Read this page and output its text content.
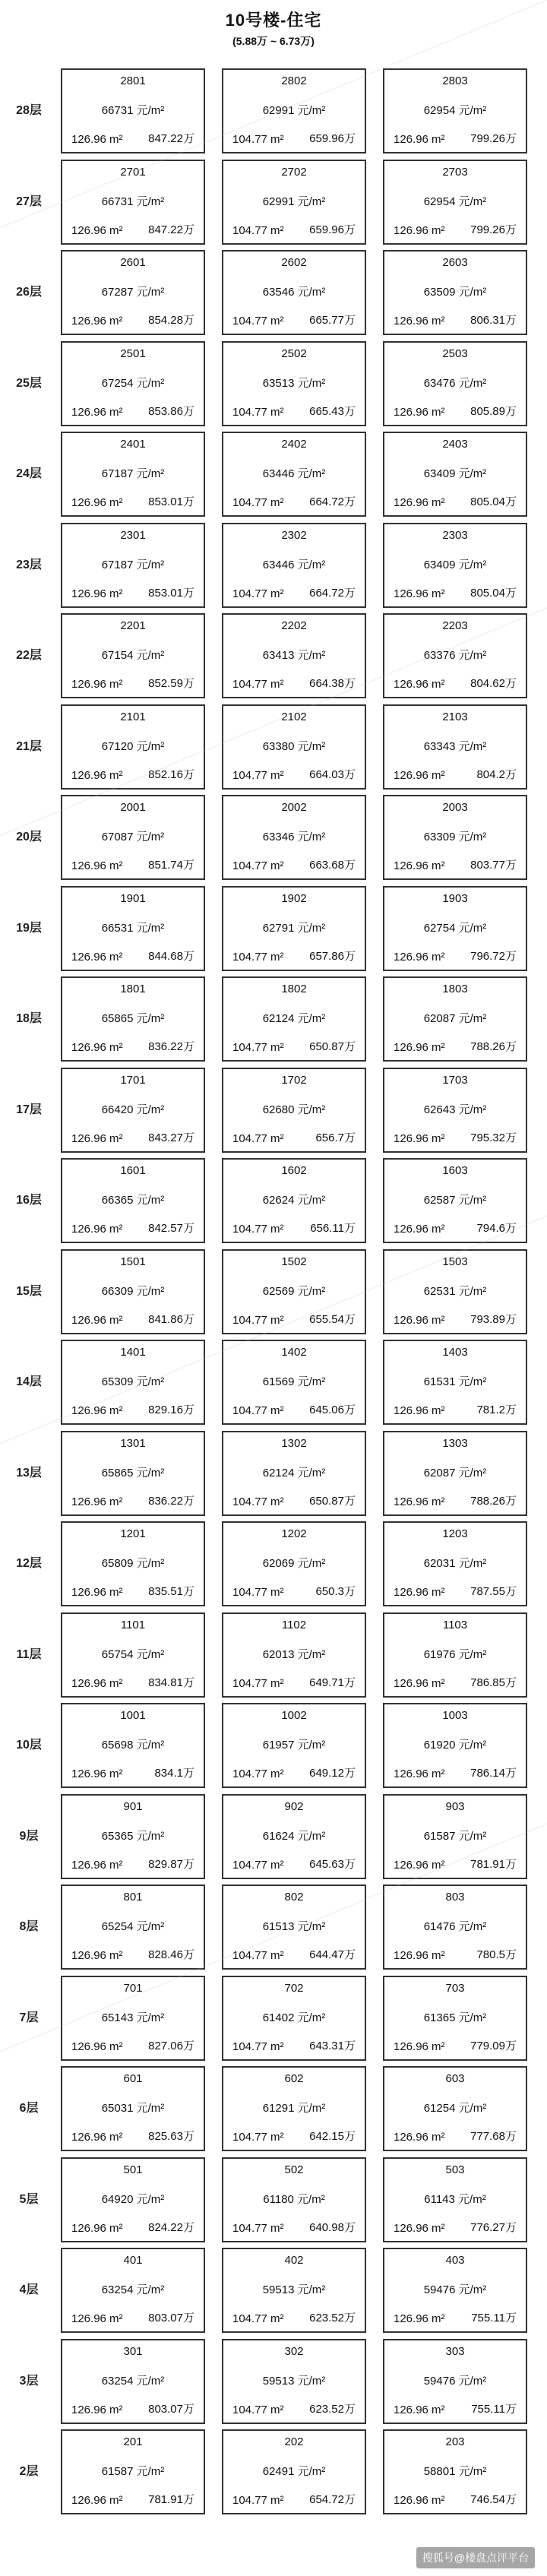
10号楼-住宅
(5.88万 ~ 6.73万)
28层
2801
66731 元/m²
126.96 m² 847.22万
2802
62991 元/m²
104.77 m² 659.96万
2803
62954 元/m²
126.96 m² 799.26万
27层
2701
66731 元/m²
126.96 m² 847.22万
2702
62991 元/m²
104.77 m² 659.96万
2703
62954 元/m²
126.96 m² 799.26万
26层
2601
67287 元/m²
126.96 m² 854.28万
2602
63546 元/m²
104.77 m² 665.77万
2603
63509 元/m²
126.96 m² 806.31万
25层
2501
67254 元/m²
126.96 m² 853.86万
2502
63513 元/m²
104.77 m² 665.43万
2503
63476 元/m²
126.96 m² 805.89万
24层
2401
67187 元/m²
126.96 m² 853.01万
2402
63446 元/m²
104.77 m² 664.72万
2403
63409 元/m²
126.96 m² 805.04万
23层
2301
67187 元/m²
126.96 m² 853.01万
2302
63446 元/m²
104.77 m² 664.72万
2303
63409 元/m²
126.96 m² 805.04万
22层
2201
67154 元/m²
126.96 m² 852.59万
2202
63413 元/m²
104.77 m² 664.38万
2203
63376 元/m²
126.96 m² 804.62万
21层
2101
67120 元/m²
126.96 m² 852.16万
2102
63380 元/m²
104.77 m² 664.03万
2103
63343 元/m²
126.96 m²	804.2万
20层
2001
67087 元/m²
126.96 m² 851.74万
2002
63346 元/m²
104.77 m² 663.68万
2003
63309 元/m²
126.96 m² 803.77万
19层
1901
66531 元/m²
126.96 m² 844.68万
1902
62791 元/m²
104.77 m² 657.86万
1903
62754 元/m²
126.96 m² 796.72万
18层
1801
65865 元/m²
126.96 m² 836.22万
1802
62124 元/m²
104.77 m² 650.87万
1803
62087 元/m²
126.96 m² 788.26万
17层
1701
66420 元/m²
126.96 m² 843.27万
1702
62680 元/m²
104.77 m²	656.7万
1703
62643 元/m²
126.96 m² 795.32万
16层
1601
66365 元/m²
126.96 m² 842.57万
1602
62624 元/m²
104.77 m² 656.11万
1603
62587 元/m²
126.96 m²	794.6万
15层
1501
66309 元/m²
126.96 m² 841.86万
1502
62569 元/m²
104.77 m² 655.54万
1503
62531 元/m²
126.96 m² 793.89万
14层
1401
65309 元/m²
126.96 m² 829.16万
1402
61569 元/m²
104.77 m² 645.06万
1403
61531 元/m²
126.96 m²	781.2万
13层
1301
65865 元/m²
126.96 m² 836.22万
1302
62124 元/m²
104.77 m² 650.87万
1303
62087 元/m²
126.96 m² 788.26万
12层
1201
65809 元/m²
126.96 m² 835.51万
1202
62069 元/m²
104.77 m²	650.3万
1203
62031 元/m²
126.96 m² 787.55万
11层
1101
65754 元/m²
126.96 m² 834.81万
1102
62013 元/m²
104.77 m² 649.71万
1103
61976 元/m²
126.96 m² 786.85万
10层
1001
65698 元/m²
126.96 m²	834.1万
1002
61957 元/m²
104.77 m² 649.12万
1003
61920 元/m²
126.96 m² 786.14万
9层
901
65365 元/m²
126.96 m² 829.87万
902
61624 元/m²
104.77 m² 645.63万
903
61587 元/m²
126.96 m² 781.91万
8层
801
65254 元/m²
126.96 m² 828.46万
802
61513 元/m²
104.77 m² 644.47万
803
61476 元/m²
126.96 m²	780.5万
7层
701
65143 元/m²
126.96 m² 827.06万
702
61402 元/m²
104.77 m² 643.31万
703
61365 元/m²
126.96 m² 779.09万
6层
601
65031 元/m²
126.96 m² 825.63万
602
61291 元/m²
104.77 m² 642.15万
603
61254 元/m²
126.96 m² 777.68万
5层
501
64920 元/m²
126.96 m² 824.22万
502
61180 元/m²
104.77 m² 640.98万
503
61143 元/m²
126.96 m² 776.27万
4层
401
63254 元/m²
126.96 m² 803.07万
402
59513 元/m²
104.77 m² 623.52万
403
59476 元/m²
126.96 m² 755.11万
3层
301
63254 元/m²
126.96 m² 803.07万
302
59513 元/m²
104.77 m² 623.52万
303
59476 元/m²
126.96 m² 755.11万
2层
201
61587 元/m²
126.96 m² 781.91万
202
62491 元/m²
104.77 m² 654.72万
203
58801 元/m²
126.96 m² 746.54万
搜狐号@楼盘点评平台
